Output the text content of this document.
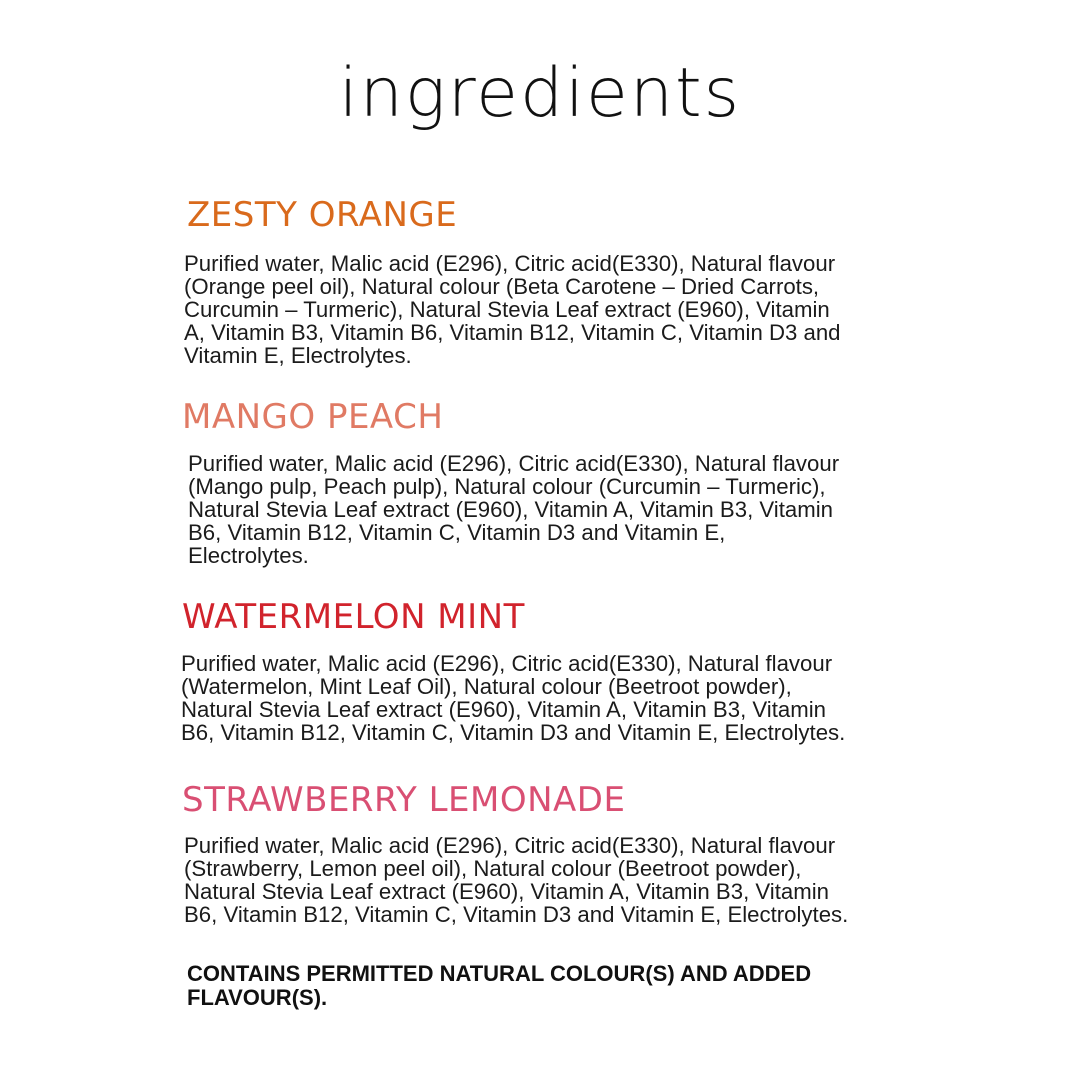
ingredients
ZESTY ORANGE
Purified water, Malic acid (E296), Citric acid(E330), Natural flavour
(Orange peel oil), Natural colour (Beta Carotene – Dried Carrots,
Curcumin – Turmeric), Natural Stevia Leaf extract (E960), Vitamin
A, Vitamin B3, Vitamin B6, Vitamin B12, Vitamin C, Vitamin D3 and
Vitamin E, Electrolytes.
MANGO PEACH
Purified water, Malic acid (E296), Citric acid(E330), Natural flavour
(Mango pulp, Peach pulp), Natural colour (Curcumin – Turmeric),
Natural Stevia Leaf extract (E960), Vitamin A, Vitamin B3, Vitamin
B6, Vitamin B12, Vitamin C, Vitamin D3 and Vitamin E,
Electrolytes.
WATERMELON MINT
Purified water, Malic acid (E296), Citric acid(E330), Natural flavour
(Watermelon, Mint Leaf Oil), Natural colour (Beetroot powder),
Natural Stevia Leaf extract (E960), Vitamin A, Vitamin B3, Vitamin
B6, Vitamin B12, Vitamin C, Vitamin D3 and Vitamin E, Electrolytes.
STRAWBERRY LEMONADE
Purified water, Malic acid (E296), Citric acid(E330), Natural flavour
(Strawberry, Lemon peel oil), Natural colour (Beetroot powder),
Natural Stevia Leaf extract (E960), Vitamin A, Vitamin B3, Vitamin
B6, Vitamin B12, Vitamin C, Vitamin D3 and Vitamin E, Electrolytes.
CONTAINS PERMITTED NATURAL COLOUR(S) AND ADDED
FLAVOUR(S).
